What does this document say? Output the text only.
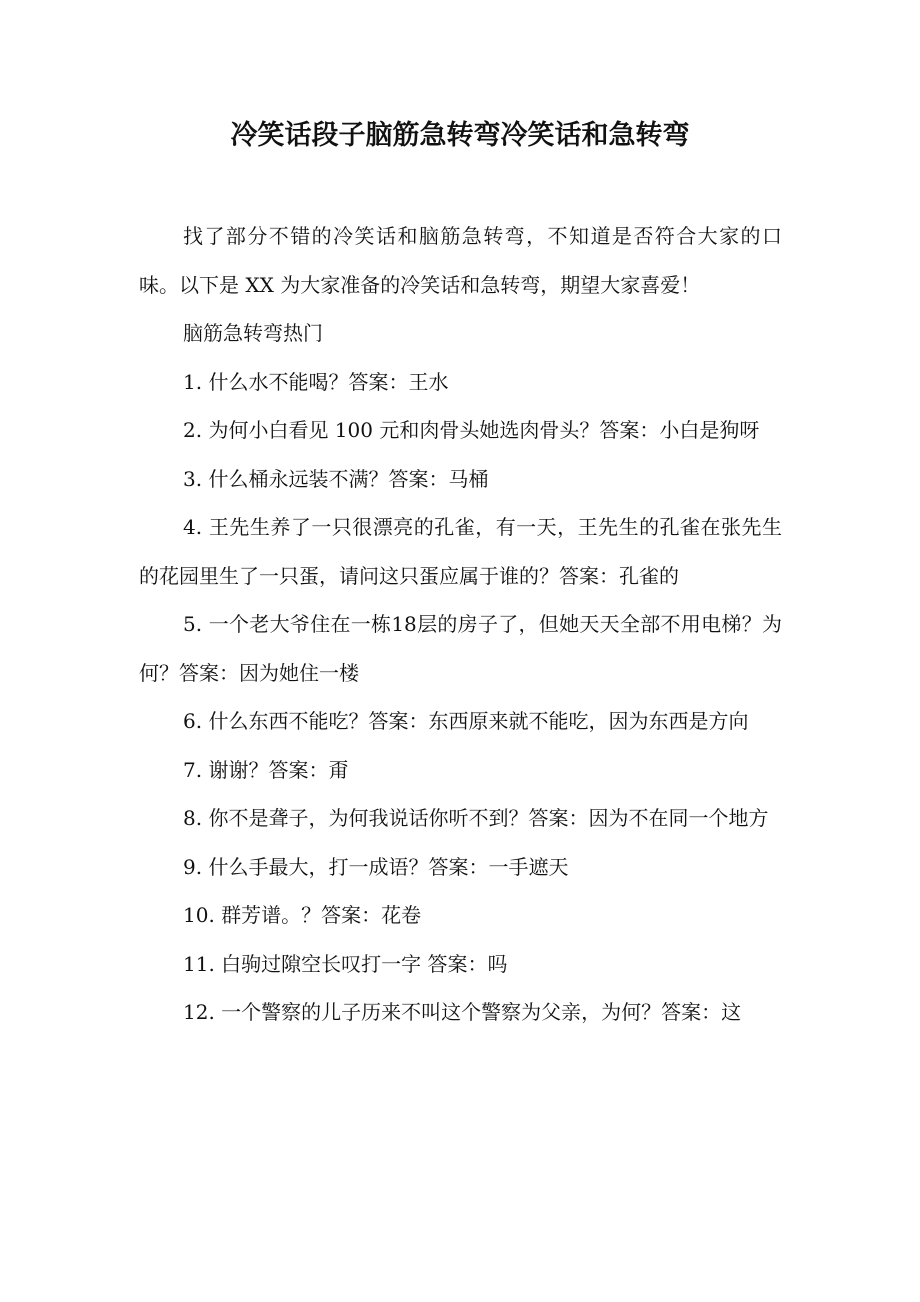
冷笑话段子脑筋急转弯冷笑话和急转弯

找了部分不错的冷笑话和脑筋急转弯，不知道是否符合大家的口味。以下是 XX 为大家准备的冷笑话和急转弯，期望大家喜爱！

脑筋急转弯热门

1. 什么水不能喝？答案：王水

2. 为何小白看见 100 元和肉骨头她选肉骨头？答案：小白是狗呀

3. 什么桶永远装不满？答案：马桶

4. 王先生养了一只很漂亮的孔雀，有一天，王先生的孔雀在张先生的花园里生了一只蛋，请问这只蛋应属于谁的？答案：孔雀的

5. 一个老大爷住在一栋18层的房子了，但她天天全部不用电梯？为何？答案：因为她住一楼

6. 什么东西不能吃？答案：东西原来就不能吃，因为东西是方向

7. 谢谢？答案：甭

8. 你不是聋子，为何我说话你听不到？答案：因为不在同一个地方

9. 什么手最大，打一成语？答案：一手遮天

10. 群芳谱。？答案：花卷

11. 白驹过隙空长叹打一字 答案：吗

12. 一个警察的儿子历来不叫这个警察为父亲，为何？答案：这
